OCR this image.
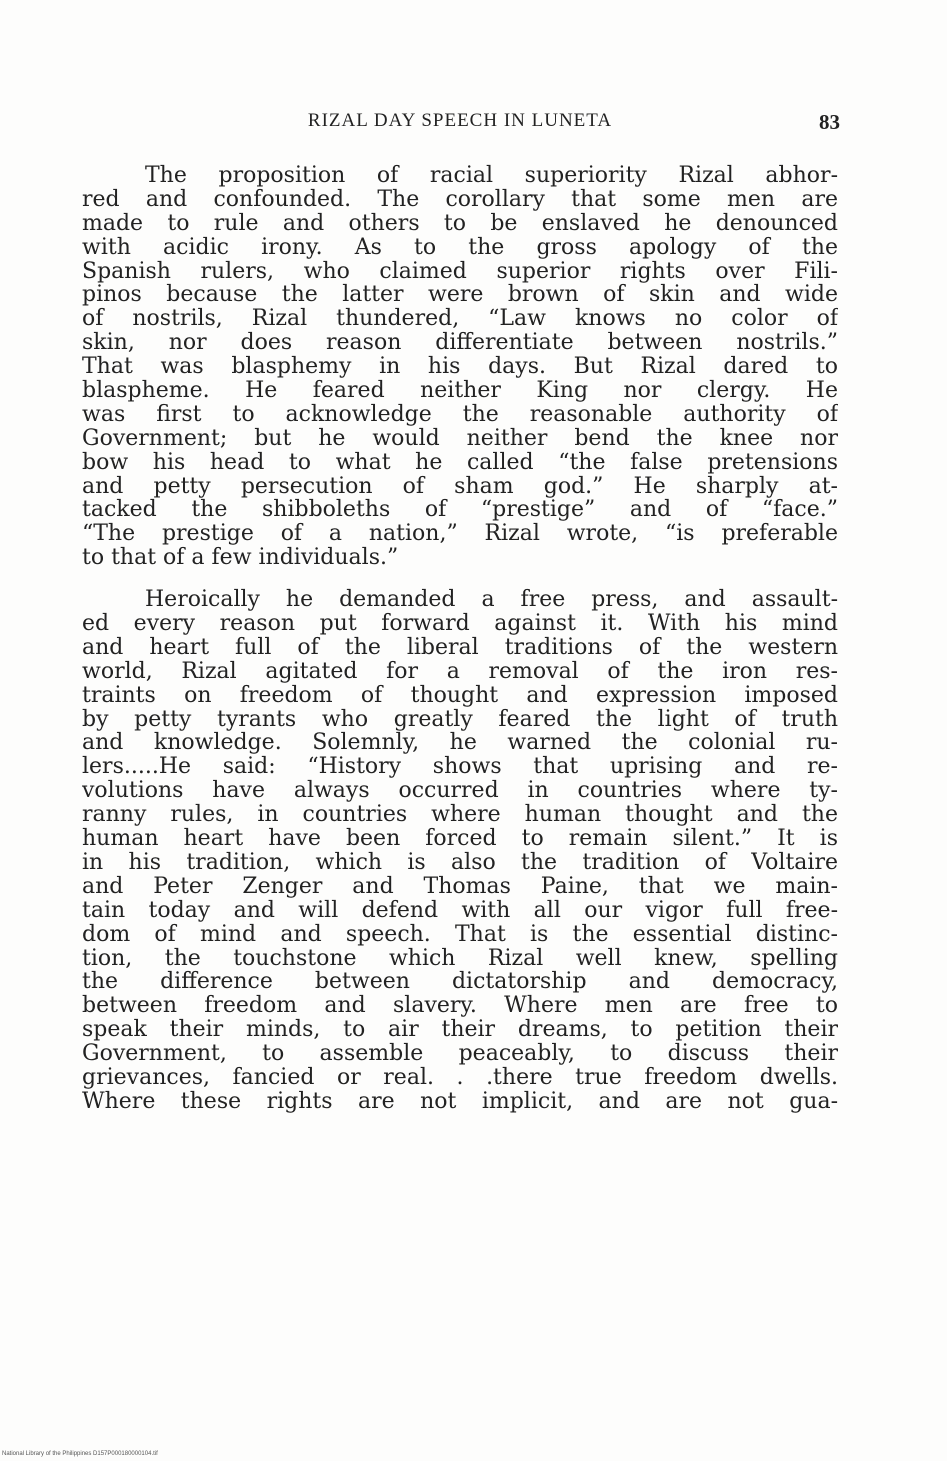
RIZAL DAY SPEECH IN LUNETA	83
The proposition of racial superiority Rizal abhor-
red and confounded. The corollary that some men are
made to rule and others to be enslaved he denounced
with acidic irony. As to the gross apology of the
Spanish rulers, who claimed superior rights over Fili-
pinos because the latter were brown of skin and wide
of nostrils, Rizal thundered, “Law knows no color of
skin, nor does reason differentiate between nostrils.”
That was blasphemy in his days. But Rizal dared to
blaspheme. He feared neither King nor clergy. He
was first to acknowledge the reasonable authority of
Government; but he would neither bend the knee nor
bow his head to what he called “the false pretensions
and petty persecution of sham god.” He sharply at-
tacked the shibboleths of “prestige” and of “face.”
“The prestige of a nation,” Rizal wrote, “is preferable
to that of a few individuals.”
Heroically he demanded a free press, and assault-
ed every reason put forward against it. With his mind
and heart full of the liberal traditions of the western
world, Rizal agitated for a removal of the iron res-
traints on freedom of thought and expression imposed
by petty tyrants who greatly feared the light of truth
and knowledge. Solemnly, he warned the colonial ru-
lers.....He said: “History shows that uprising and re-
volutions have always occurred in countries where ty-
ranny rules, in countries where human thought and the
human heart have been forced to remain silent.” It is
in his tradition, which is also the tradition of Voltaire
and Peter Zenger and Thomas Paine, that we main-
tain today and will defend with all our vigor full free-
dom of mind and speech. That is the essential distinc-
tion, the touchstone which Rizal well knew, spelling
the difference between dictatorship and democracy,
between freedom and slavery. Where men are free to
speak their minds, to air their dreams, to petition their
Government, to assemble peaceably, to discuss their
grievances, fancied or real. . .there true freedom dwells.
Where these rights are not implicit, and are not gua-
National Library of the Philippines D157P000180000104.tif
